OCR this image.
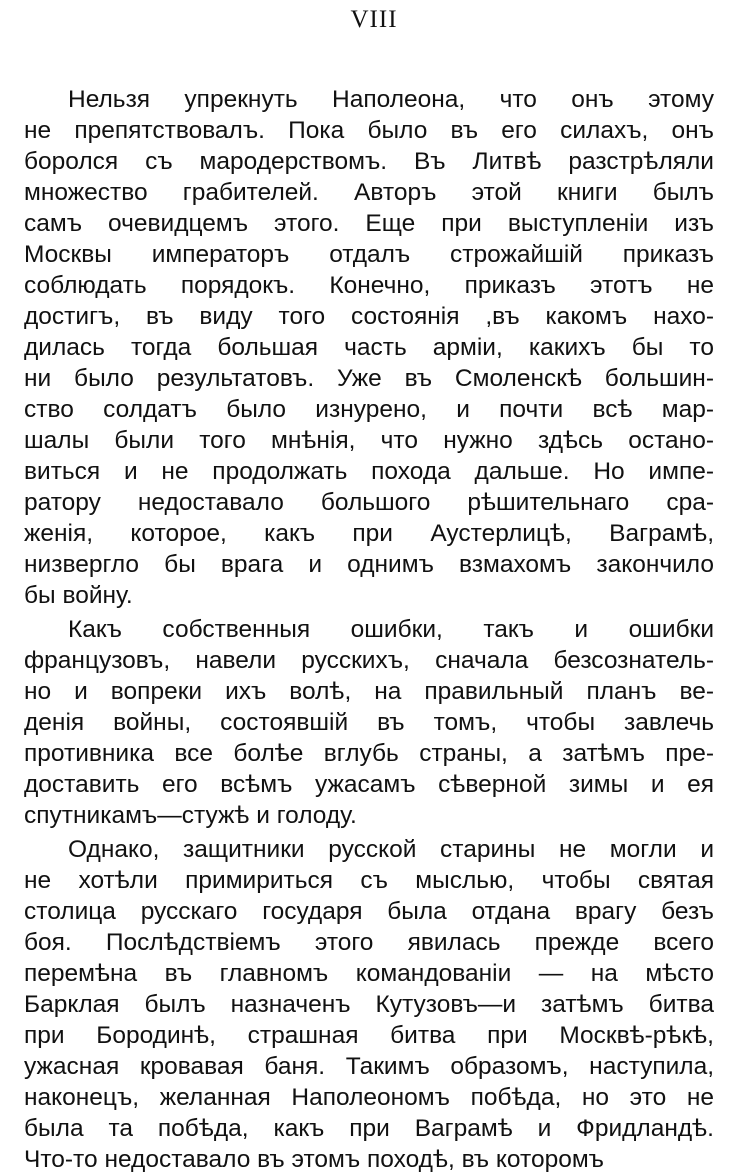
VIII
Нельзя упрекнуть Наполеона, что онъ этому
не препятствовалъ. Пока было въ его силахъ, онъ
боролся съ мародерствомъ. Въ Литвѣ разстрѣляли
множество грабителей. Авторъ этой книги былъ
самъ очевидцемъ этого. Еще при выступленіи изъ
Москвы императоръ отдалъ строжайшій приказъ
соблюдать порядокъ. Конечно, приказъ этотъ не
достигъ, въ виду того состоянія ,въ какомъ нахо-
дилась тогда большая часть арміи, какихъ бы то
ни было результатовъ. Уже въ Смоленскѣ большин-
ство солдатъ было изнурено, и почти всѣ мар-
шалы были того мнѣнія, что нужно здѣсь остано-
виться и не продолжать похода дальше. Но импе-
ратору недоставало большого рѣшительнаго сра-
женія, которое, какъ при Аустерлицѣ, Ваграмѣ,
низвергло бы врага и однимъ взмахомъ закончило
бы войну.
Какъ собственныя ошибки, такъ и ошибки
французовъ, навели русскихъ, сначала безсознатель-
но и вопреки ихъ волѣ, на правильный планъ ве-
денія войны, состоявшій въ томъ, чтобы завлечь
противника все болѣе вглубь страны, а затѣмъ пре-
доставить его всѣмъ ужасамъ сѣверной зимы и ея
спутникамъ—стужѣ и голоду.
Однако, защитники русской старины не могли и
не хотѣли примириться съ мыслью, чтобы святая
столица русскаго государя была отдана врагу безъ
боя. Послѣдствіемъ этого явилась прежде всего
перемѣна въ главномъ командованіи — на мѣсто
Барклая былъ назначенъ Кутузовъ—и затѣмъ битва
при Бородинѣ, страшная битва при Москвѣ-рѣкѣ,
ужасная кровавая баня. Такимъ образомъ, наступила,
наконецъ, желанная Наполеономъ побѣда, но это не
была та побѣда, какъ при Ваграмѣ и Фридландѣ.
Что-то недоставало въ этомъ походѣ, въ которомъ
